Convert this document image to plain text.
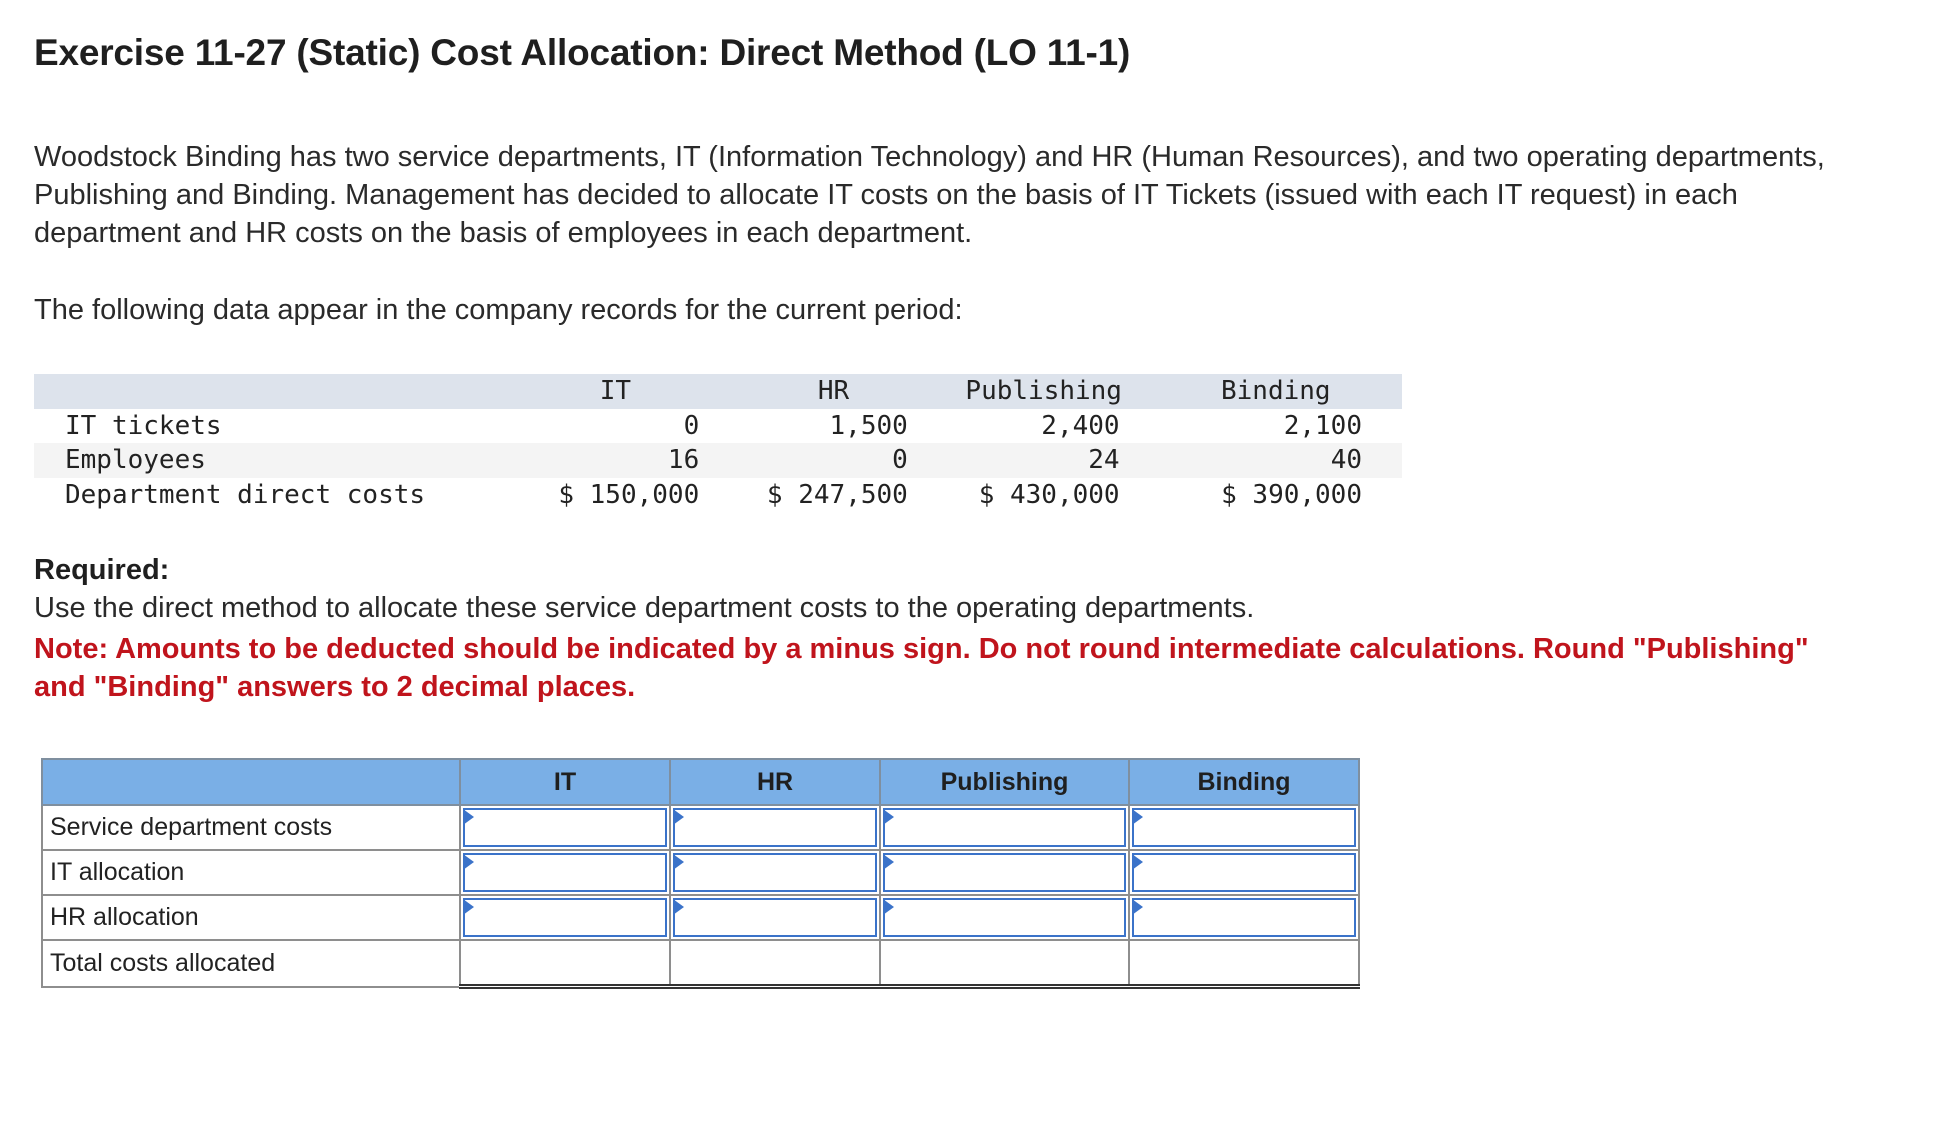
Exercise 11-27 (Static) Cost Allocation: Direct Method (LO 11-1)

Woodstock Binding has two service departments, IT (Information Technology) and HR (Human Resources), and two operating departments, Publishing and Binding. Management has decided to allocate IT costs on the basis of IT Tickets (issued with each IT request) in each department and HR costs on the basis of employees in each department.

The following data appear in the company records for the current period:

	IT	HR	Publishing	Binding
IT tickets	0	1,500	2,400	2,100
Employees	16	0	24	40
Department direct costs	$ 150,000	$ 247,500	$ 430,000	$ 390,000

Required:

Use the direct method to allocate these service department costs to the operating departments.

Note: Amounts to be deducted should be indicated by a minus sign. Do not round intermediate calculations. Round "Publishing" and "Binding" answers to 2 decimal places.

	IT	HR	Publishing	Binding
Service department costs	

IT allocation	

HR allocation	

Total costs allocated				
